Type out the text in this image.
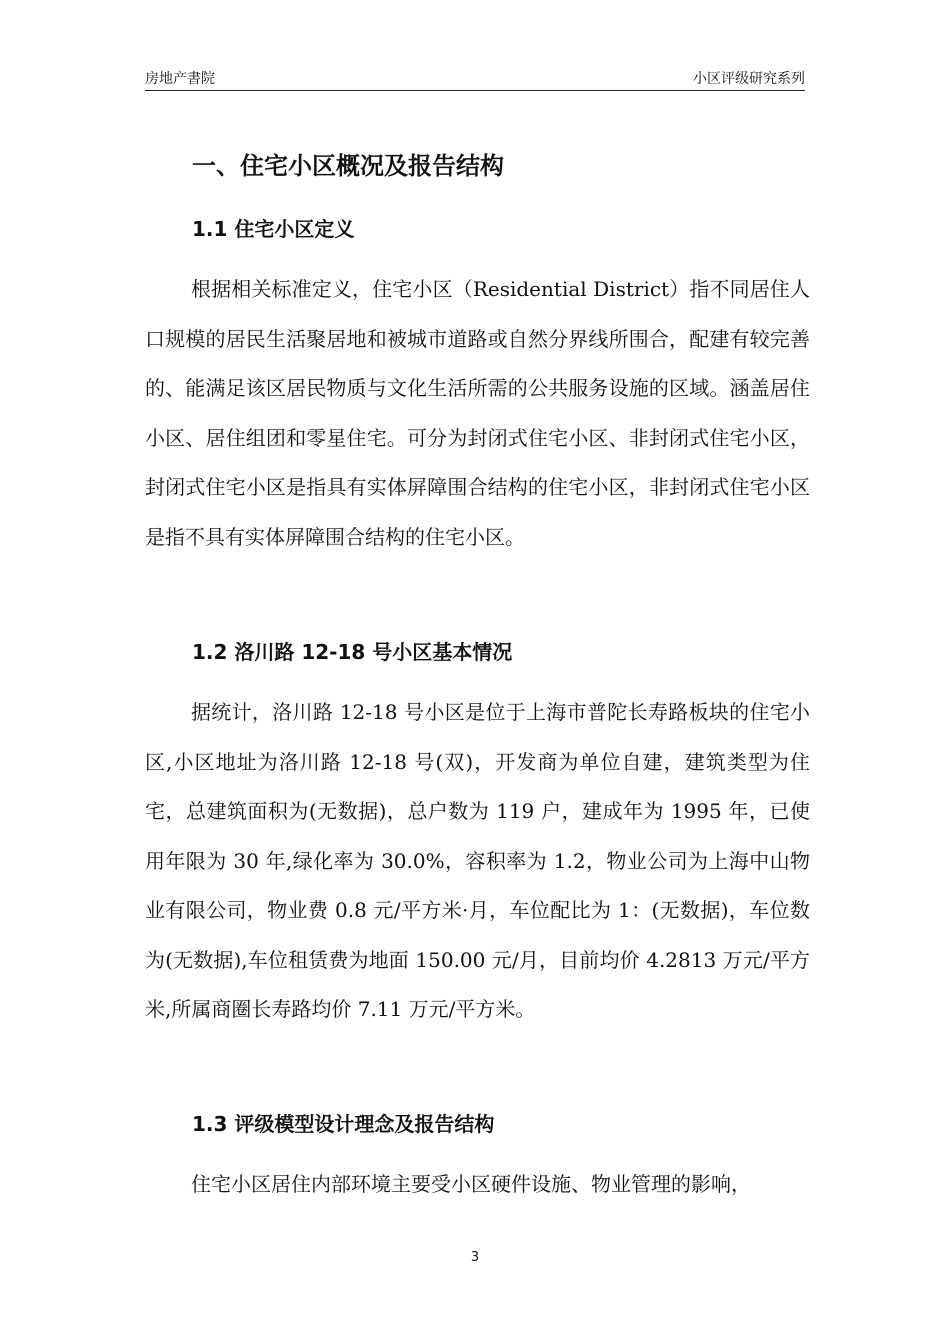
房地产書院	小区评级研究系列
一、住宅小区概况及报告结构
1.1 住宅小区定义
根据相关标准定义，住宅小区（Residential District）指不同居住人口规模的居民生活聚居地和被城市道路或自然分界线所围合，配建有较完善的、能满足该区居民物质与文化生活所需的公共服务设施的区域。涵盖居住小区、居住组团和零星住宅。可分为封闭式住宅小区、非封闭式住宅小区，封闭式住宅小区是指具有实体屏障围合结构的住宅小区，非封闭式住宅小区是指不具有实体屏障围合结构的住宅小区。
1.2 洛川路 12-18 号小区基本情况
据统计，洛川路 12-18 号小区是位于上海市普陀长寿路板块的住宅小区,小区地址为洛川路 12-18 号(双)，开发商为单位自建，建筑类型为住宅，总建筑面积为(无数据)，总户数为 119 户，建成年为 1995 年，已使用年限为 30 年,绿化率为 30.0%，容积率为 1.2，物业公司为上海中山物业有限公司，物业费 0.8 元/平方米·月，车位配比为 1：(无数据)，车位数为(无数据),车位租赁费为地面 150.00 元/月，目前均价 4.2813 万元/平方米,所属商圈长寿路均价 7.11 万元/平方米。
1.3 评级模型设计理念及报告结构
住宅小区居住内部环境主要受小区硬件设施、物业管理的影响，
3
